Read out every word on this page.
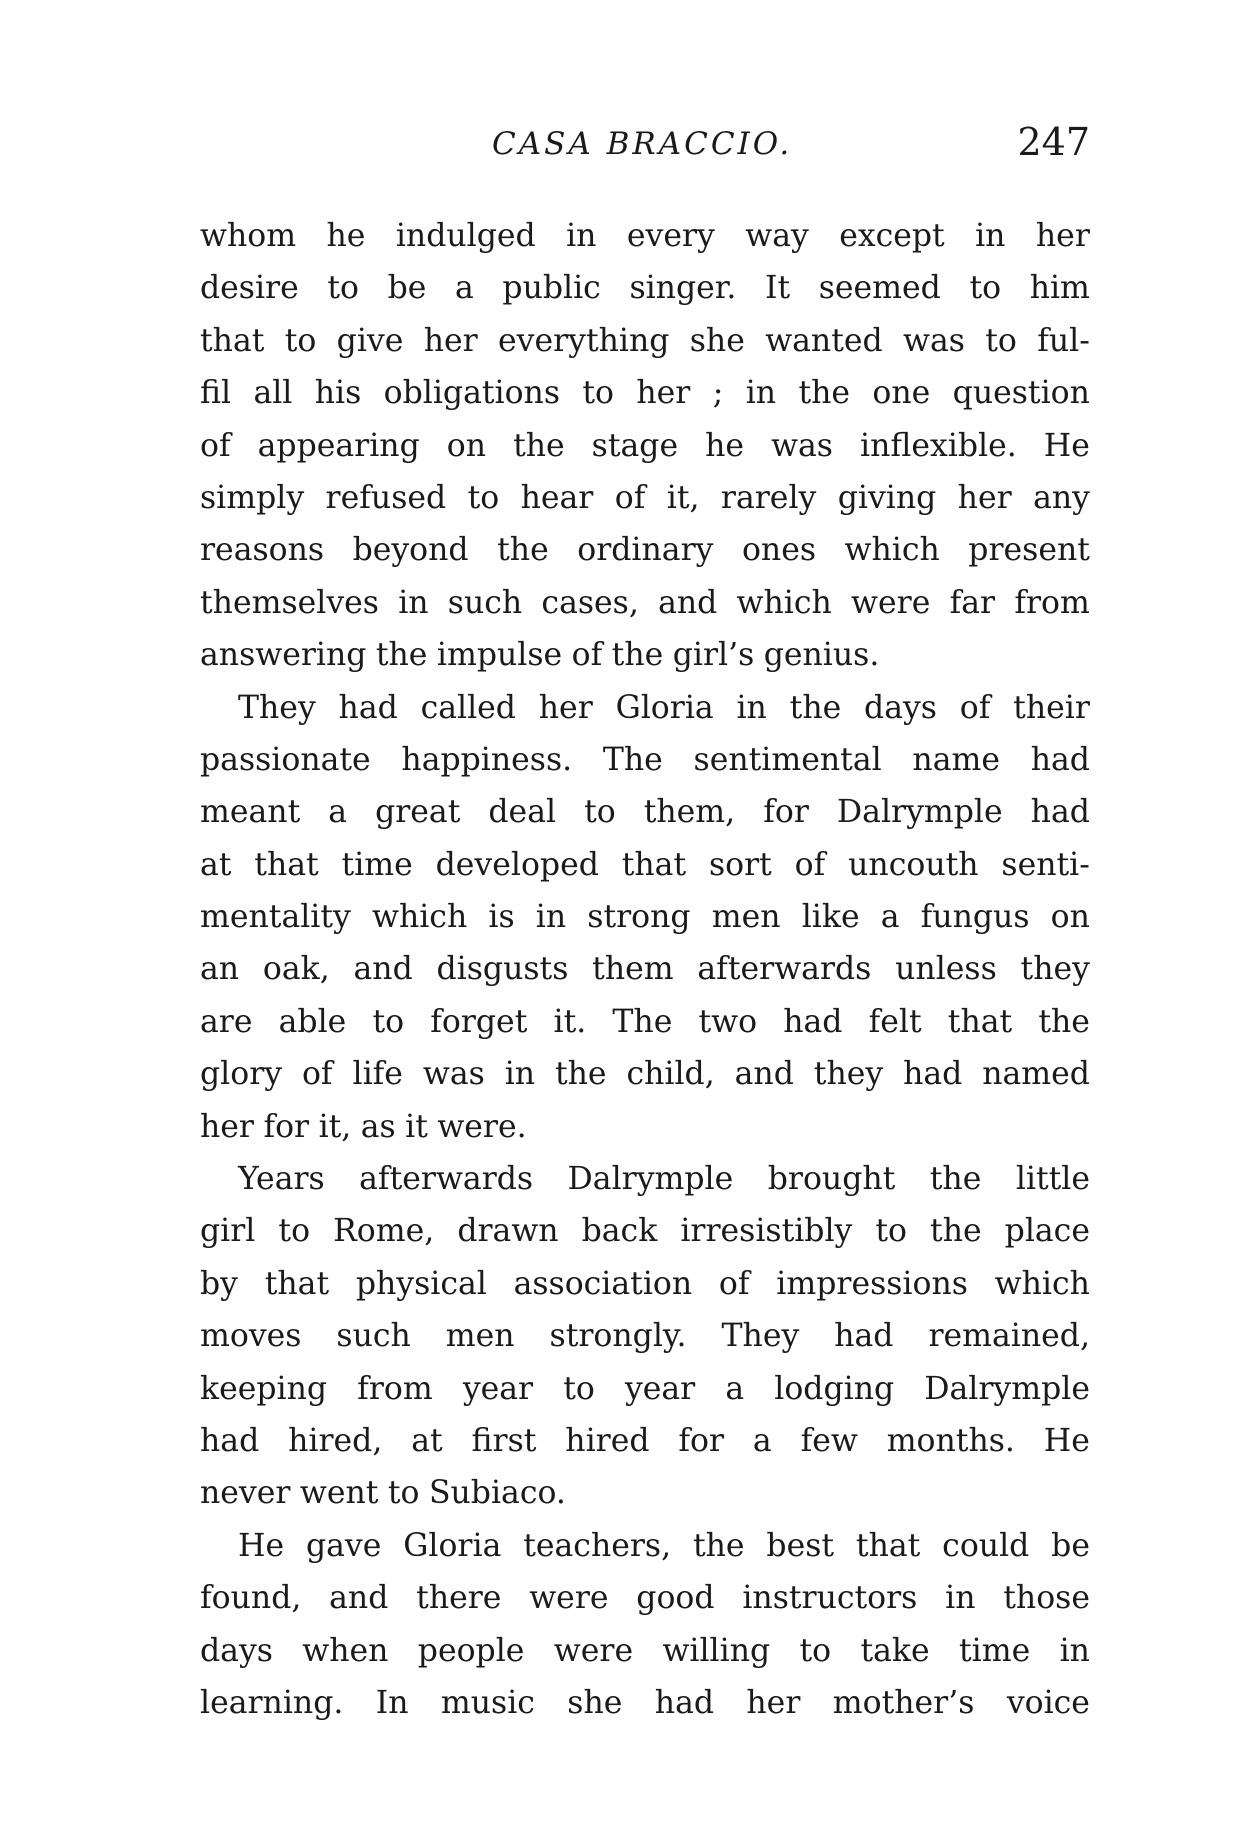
CASA BRACCIO.	247
whom he indulged in every way except in her
desire to be a public singer. It seemed to him
that to give her everything she wanted was to ful-
fil all his obligations to her ; in the one question
of appearing on the stage he was inflexible. He
simply refused to hear of it, rarely giving her any
reasons beyond the ordinary ones which present
themselves in such cases, and which were far from
answering the impulse of the girl’s genius.
They had called her Gloria in the days of their
passionate happiness. The sentimental name had
meant a great deal to them, for Dalrymple had
at that time developed that sort of uncouth senti-
mentality which is in strong men like a fungus on
an oak, and disgusts them afterwards unless they
are able to forget it. The two had felt that the
glory of life was in the child, and they had named
her for it, as it were.
Years afterwards Dalrymple brought the little
girl to Rome, drawn back irresistibly to the place
by that physical association of impressions which
moves such men strongly. They had remained,
keeping from year to year a lodging Dalrymple
had hired, at first hired for a few months. He
never went to Subiaco.
He gave Gloria teachers, the best that could be
found, and there were good instructors in those
days when people were willing to take time in
learning. In music she had her mother’s voice
